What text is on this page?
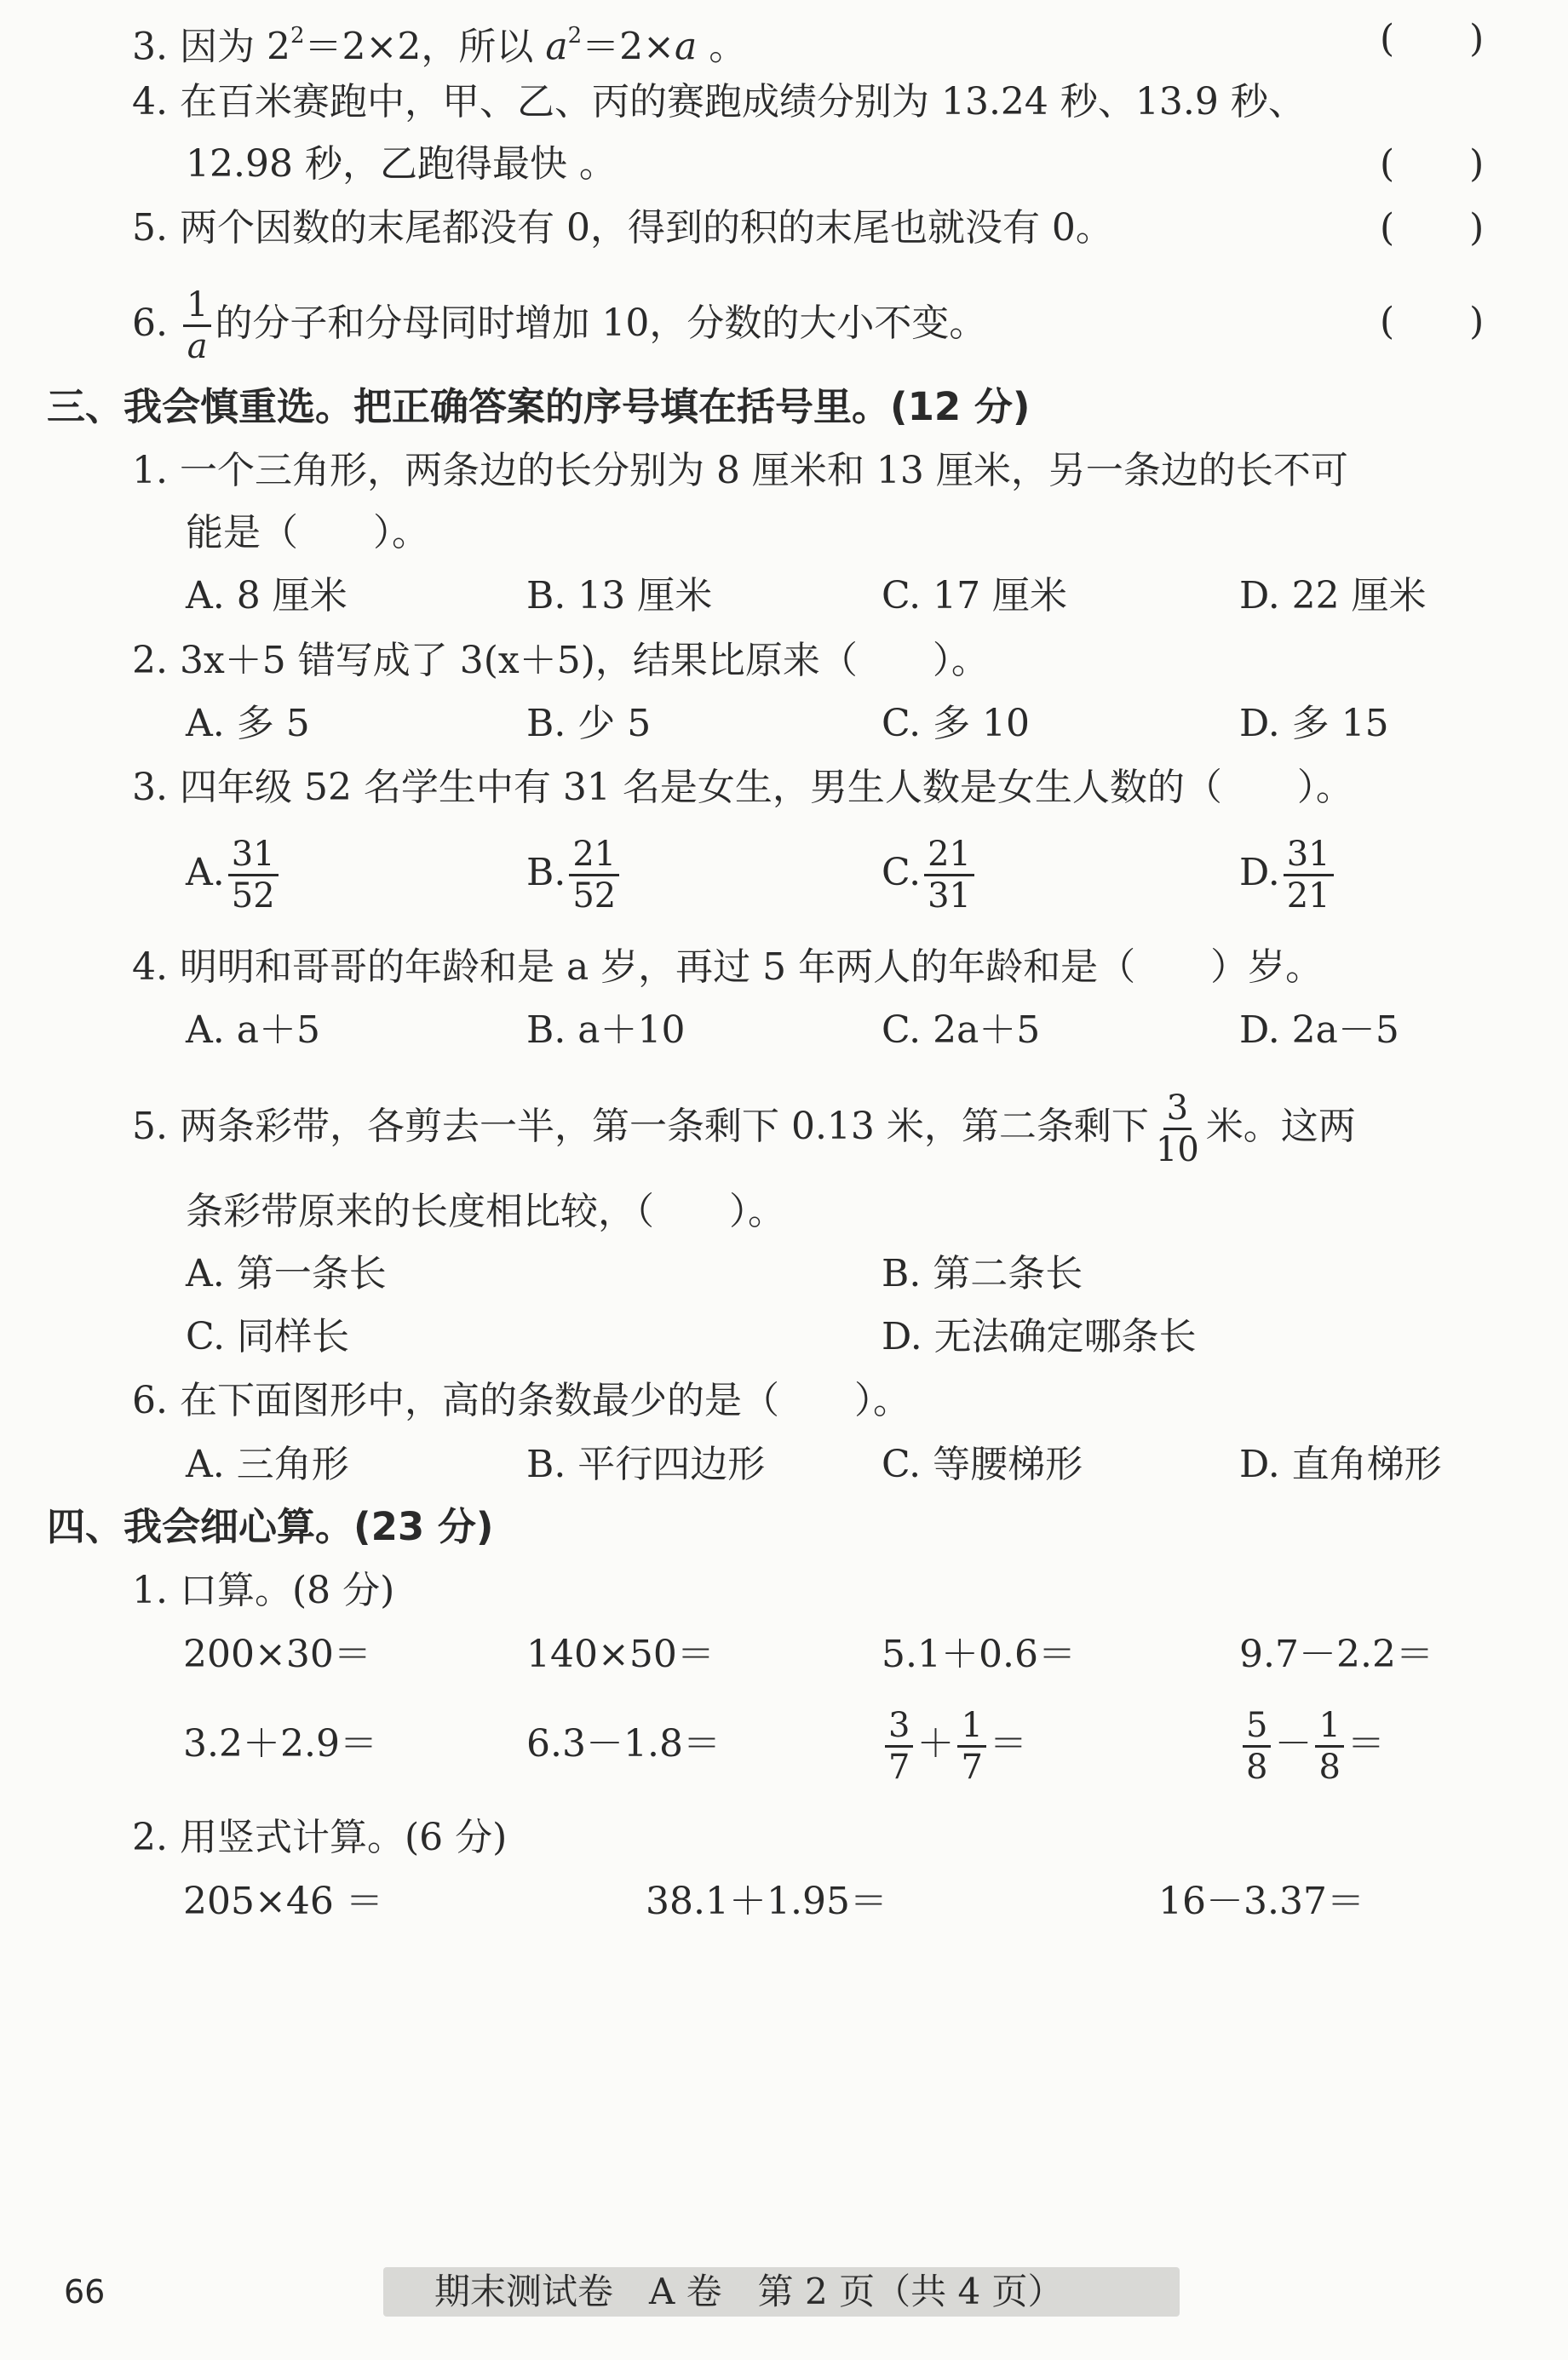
3. 因为 $2^2=2\times 2$，所以 $a^2=2\times a$ 。	(　　)
4. 在百米赛跑中，甲、乙、丙的赛跑成绩分别为 13.24 秒、13.9 秒、
12.98 秒，乙跑得最快 。	(　　)
5. 两个因数的末尾都没有 0，得到的积的末尾也就没有 0。	(　　)
6. $\frac{1}{a}$ 的分子和分母同时增加 10，分数的大小不变。	(　　)
三、我会慎重选。把正确答案的序号填在括号里。(12 分)
1. 一个三角形，两条边的长分别为 8 厘米和 13 厘米，另一条边的长不可
能是（　　）。
A. 8 厘米	B. 13 厘米	C. 17 厘米	D. 22 厘米
2. 3x＋5 错写成了 3(x＋5)，结果比原来（　　）。
A. 多 5	B. 少 5	C. 多 10	D. 多 15
3. 四年级 52 名学生中有 31 名是女生，男生人数是女生人数的（　　）。
A. $\frac{31}{52}$	B. $\frac{21}{52}$	C. $\frac{21}{31}$	D. $\frac{31}{21}$
4. 明明和哥哥的年龄和是 a 岁，再过 5 年两人的年龄和是（　　）岁。
A. a＋5	B. a＋10	C. 2a＋5	D. 2a－5
5. 两条彩带，各剪去一半，第一条剩下 0.13 米，第二条剩下 $\frac{3}{10}$ 米。这两
条彩带原来的长度相比较，（　　）。
A. 第一条长	B. 第二条长
C. 同样长	D. 无法确定哪条长
6. 在下面图形中，高的条数最少的是（　　）。
A. 三角形	B. 平行四边形	C. 等腰梯形	D. 直角梯形
四、我会细心算。(23 分)
1. 口算。(8 分)
200×30＝	140×50＝	5.1＋0.6＝	9.7－2.2＝
3.2＋2.9＝	6.3－1.8＝	$\frac{3}{7} + \frac{1}{7}$ ＝	$\frac{5}{8} - \frac{1}{8}$ ＝
2. 用竖式计算。(6 分)
205×46 ＝	38.1＋1.95＝	16－3.37＝
66	期末测试卷　A 卷　第 2 页（共 4 页）
